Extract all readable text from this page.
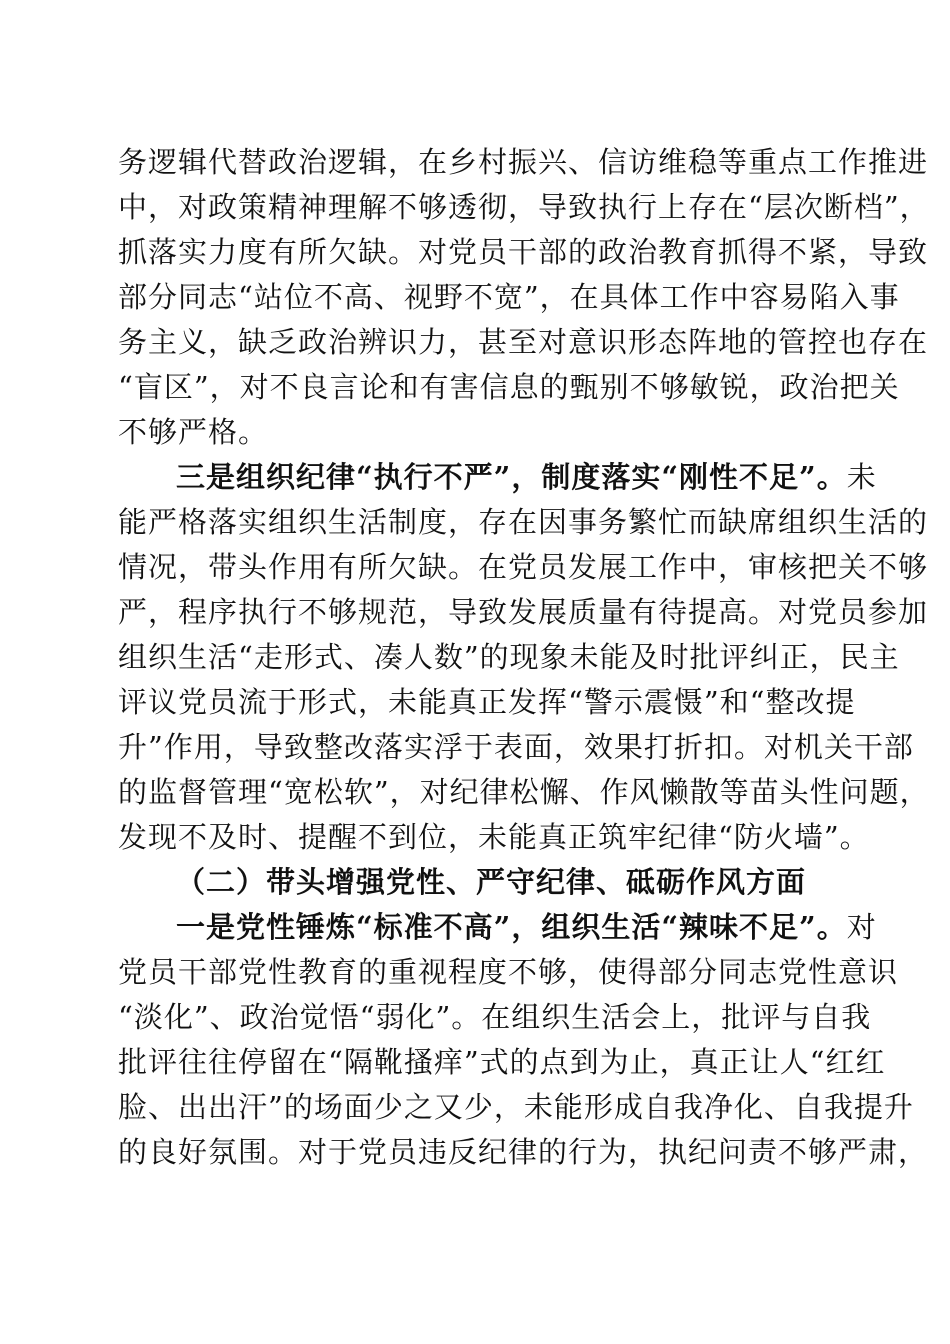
务逻辑代替政治逻辑，在乡村振兴、信访维稳等重点工作推进
中，对政策精神理解不够透彻，导致执行上存在“层次断档”，
抓落实力度有所欠缺。对党员干部的政治教育抓得不紧，导致
部分同志“站位不高、视野不宽”，在具体工作中容易陷入事
务主义，缺乏政治辨识力，甚至对意识形态阵地的管控也存在
“盲区”，对不良言论和有害信息的甄别不够敏锐，政治把关
不够严格。
三是组织纪律“执行不严”，制度落实“刚性不足”。未
能严格落实组织生活制度，存在因事务繁忙而缺席组织生活的
情况，带头作用有所欠缺。在党员发展工作中，审核把关不够
严，程序执行不够规范，导致发展质量有待提高。对党员参加
组织生活“走形式、凑人数”的现象未能及时批评纠正，民主
评议党员流于形式，未能真正发挥“警示震慑”和“整改提
升”作用，导致整改落实浮于表面，效果打折扣。对机关干部
的监督管理“宽松软”，对纪律松懈、作风懒散等苗头性问题，
发现不及时、提醒不到位，未能真正筑牢纪律“防火墙”。
（二）带头增强党性、严守纪律、砥砺作风方面
一是党性锤炼“标准不高”，组织生活“辣味不足”。对
党员干部党性教育的重视程度不够，使得部分同志党性意识
“淡化”、政治觉悟“弱化”。在组织生活会上，批评与自我
批评往往停留在“隔靴搔痒”式的点到为止，真正让人“红红
脸、出出汗”的场面少之又少，未能形成自我净化、自我提升
的良好氛围。对于党员违反纪律的行为，执纪问责不够严肃，
